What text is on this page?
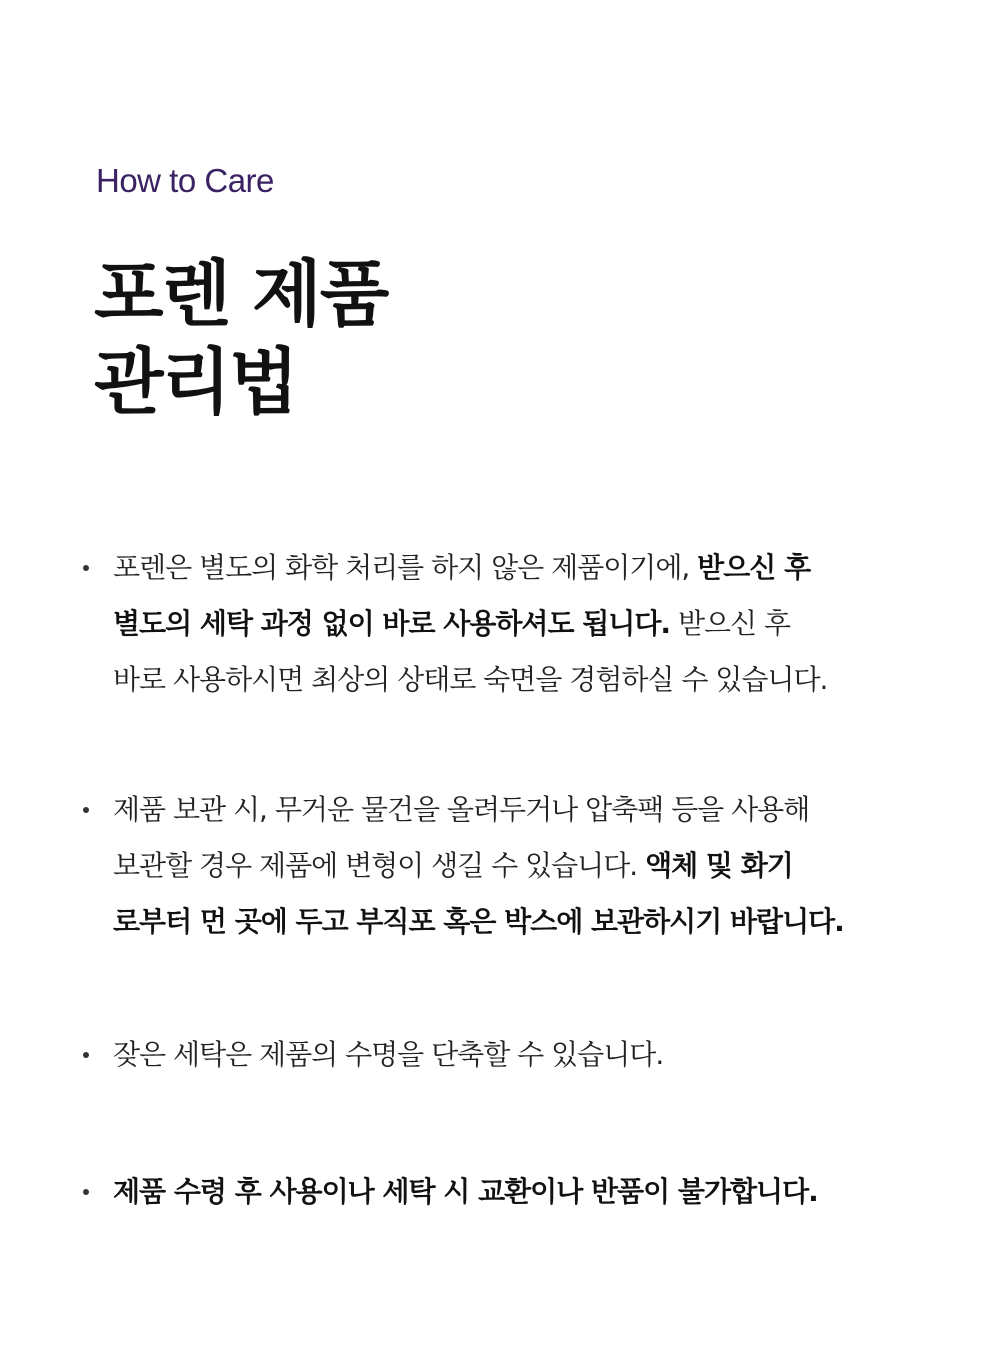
How to Care
포렌 제품
관리법
포렌은 별도의 화학 처리를 하지 않은 제품이기에, 받으신 후
별도의 세탁 과정 없이 바로 사용하셔도 됩니다. 받으신 후
바로 사용하시면 최상의 상태로 숙면을 경험하실 수 있습니다.
제품 보관 시, 무거운 물건을 올려두거나 압축팩 등을 사용해
보관할 경우 제품에 변형이 생길 수 있습니다. 액체 및 화기
로부터 먼 곳에 두고 부직포 혹은 박스에 보관하시기 바랍니다.
잦은 세탁은 제품의 수명을 단축할 수 있습니다.
제품 수령 후 사용이나 세탁 시 교환이나 반품이 불가합니다.
